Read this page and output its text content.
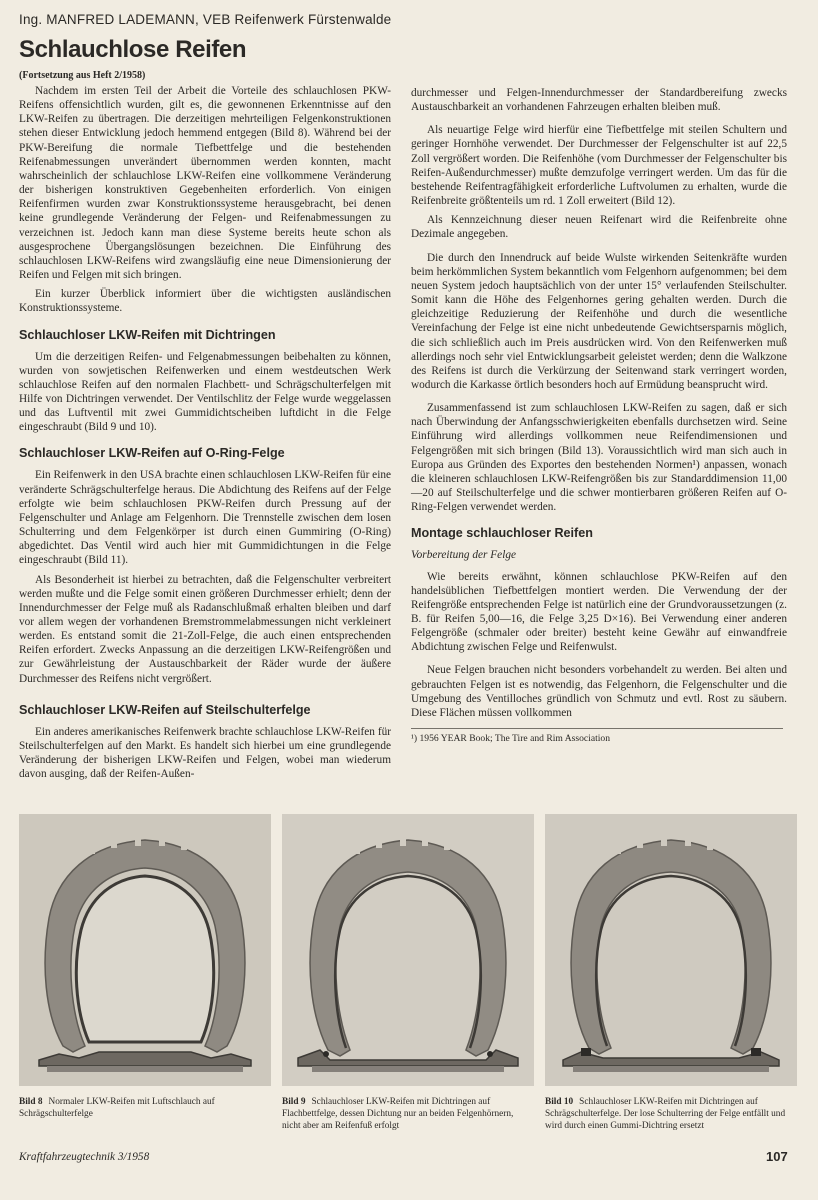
Ing. MANFRED LADEMANN, VEB Reifenwerk Fürstenwalde
Schlauchlose Reifen
(Fortsetzung aus Heft 2/1958)

Nachdem im ersten Teil der Arbeit die Vorteile des schlauchlosen PKW-Reifens offensichtlich wurden, gilt es, die gewonnenen Erkenntnisse auf den LKW-Reifen zu übertragen. Die derzeitigen mehrteiligen Felgenkonstruktionen stehen dieser Entwicklung jedoch hemmend entgegen (Bild 8). Während bei der PKW-Bereifung die normale Tiefbettfelge und die bestehenden Reifenabmessungen unverändert übernommen werden konnten, macht wahrscheinlich der schlauchlose LKW-Reifen eine vollkommene Veränderung der bisherigen konstruktiven Gegebenheiten erforderlich. Von einigen Reifenfirmen wurden zwar Konstruktionssysteme herausgebracht, bei denen keine grundlegende Veränderung der Felgen- und Reifenabmessungen zu verzeichnen ist. Jedoch kann man diese Systeme bereits heute schon als ausgesprochene Übergangslösungen bezeichnen. Die Einführung des schlauchlosen LKW-Reifens wird zwangsläufig eine neue Dimensionierung der Reifen und Felgen mit sich bringen.

Ein kurzer Überblick informiert über die wichtigsten ausländischen Konstruktionssysteme.

Schlauchloser LKW-Reifen mit Dichtringen

Um die derzeitigen Reifen- und Felgenabmessungen beibehalten zu können, wurden von sowjetischen Reifenwerken und einem westdeutschen Werk schlauchlose Reifen auf den normalen Flachbett- und Schrägschulterfelgen mit Hilfe von Dichtringen verwendet. Der Ventilschlitz der Felge wurde weggelassen und das Luftventil mit zwei Gummidichtscheiben luftdicht in die Felge eingeschraubt (Bild 9 und 10).

Schlauchloser LKW-Reifen auf O-Ring-Felge

Ein Reifenwerk in den USA brachte einen schlauchlosen LKW-Reifen für eine veränderte Schrägschulterfelge heraus. Die Abdichtung des Reifens auf der Felge erfolgte wie beim schlauchlosen PKW-Reifen durch Pressung auf der Felgenschulter und Anlage am Felgenhorn. Die Trennstelle zwischen dem losen Schulterring und dem Felgenkörper ist durch einen Gummiring (O-Ring) abgedichtet. Das Ventil wird auch hier mit Gummidichtungen in die Felge eingeschraubt (Bild 11).

Als Besonderheit ist hierbei zu betrachten, daß die Felgenschulter verbreitert werden mußte und die Felge somit einen größeren Durchmesser erhielt; denn der Innendurchmesser der Felge muß als Radanschlußmaß erhalten bleiben und darf vor allem wegen der vorhandenen Bremstrommelabmessungen nicht verkleinert werden. Es entstand somit die 21-Zoll-Felge, die auch einen entsprechenden Reifen erfordert. Zwecks Anpassung an die derzeitigen LKW-Reifengrößen und zur Gewährleistung der Austauschbarkeit der Räder wurde der äußere Durchmesser des Reifens nicht vergrößert.

Schlauchloser LKW-Reifen auf Steilschulterfelge

Ein anderes amerikanisches Reifenwerk brachte schlauchlose LKW-Reifen für Steilschulterfelgen auf den Markt. Es handelt sich hierbei um eine grundlegende Veränderung der bisherigen LKW-Reifen und Felgen, wobei man wiederum davon ausging, daß der Reifen-Außen-

durchmesser und Felgen-Innendurchmesser der Standardbereifung zwecks Austauschbarkeit an vorhandenen Fahrzeugen erhalten bleiben muß.

Als neuartige Felge wird hierfür eine Tiefbettfelge mit steilen Schultern und geringer Hornhöhe verwendet. Der Durchmesser der Felgenschulter ist auf 22,5 Zoll vergrößert worden. Die Reifenhöhe (vom Durchmesser der Felgenschulter bis Reifen-Außendurchmesser) mußte demzufolge verringert werden. Um das für die bestehende Reifentragfähigkeit erforderliche Luftvolumen zu erhalten, wurde die Reifenbreite größtenteils um rd. 1 Zoll erweitert (Bild 12).

Als Kennzeichnung dieser neuen Reifenart wird die Reifenbreite ohne Dezimale angegeben.

Die durch den Innendruck auf beide Wulste wirkenden Seitenkräfte wurden beim herkömmlichen System bekanntlich vom Felgenhorn aufgenommen; bei dem neuen System jedoch hauptsächlich von der unter 15° verlaufenden Steilschulter. Somit kann die Höhe des Felgenhornes gering gehalten werden. Durch die gleichzeitige Reduzierung der Reifenhöhe und durch die wesentliche Vereinfachung der Felge ist eine nicht unbedeutende Gewichtsersparnis möglich, die sich schließlich auch im Preis ausdrücken wird. Von den Reifenwerken muß allerdings noch sehr viel Entwicklungsarbeit geleistet werden; denn die Walkzone des Reifens ist durch die Verkürzung der Seitenwand stark verringert worden, wodurch die Karkasse örtlich besonders hoch auf Ermüdung beansprucht wird.

Zusammenfassend ist zum schlauchlosen LKW-Reifen zu sagen, daß er sich nach Überwindung der Anfangsschwierigkeiten ebenfalls durchsetzen wird. Seine Einführung wird allerdings vollkommen neue Reifendimensionen und Felgengrößen mit sich bringen (Bild 13). Voraussichtlich wird man sich auch in Europa aus Gründen des Exportes den bestehenden Normen¹) anpassen, wonach die kleineren schlauchlosen LKW-Reifengrößen bis zur Standarddimension 11,00—20 auf Steilschulterfelge und die schwer montierbaren größeren Reifen auf O-Ring-Felgen verwendet werden.

Montage schlauchloser Reifen
Vorbereitung der Felge

Wie bereits erwähnt, können schlauchlose PKW-Reifen auf den handelsüblichen Tiefbettfelgen montiert werden. Die Verwendung der der Reifengröße entsprechenden Felge ist natürlich eine der Grundvoraussetzungen (z. B. für Reifen 5,00—16, die Felge 3,25 D×16). Bei Verwendung einer anderen Felgengröße (schmaler oder breiter) besteht keine Gewähr auf einwandfreie Abdichtung zwischen Felge und Reifenwulst.

Neue Felgen brauchen nicht besonders vorbehandelt zu werden. Bei alten und gebrauchten Felgen ist es notwendig, das Felgenhorn, die Felgenschulter und die Umgebung des Ventilloches gründlich von Schmutz und evtl. Rost zu säubern. Diese Flächen müssen vollkommen

¹) 1956 YEAR Book; The Tire and Rim Association

Bild 8 Normaler LKW-Reifen mit Luftschlauch auf Schrägschulterfelge
Bild 9 Schlauchloser LKW-Reifen mit Dichtringen auf Flachbettfelge, dessen Dichtung nur an beiden Felgenhörnern, nicht aber am Reifenfuß erfolgt
Bild 10 Schlauchloser LKW-Reifen mit Dichtringen auf Schrägschulterfelge. Der lose Schulterring der Felge entfällt und wird durch einen Gummi-Dichtring ersetzt
Kraftfahrzeugtechnik 3/1958	107
